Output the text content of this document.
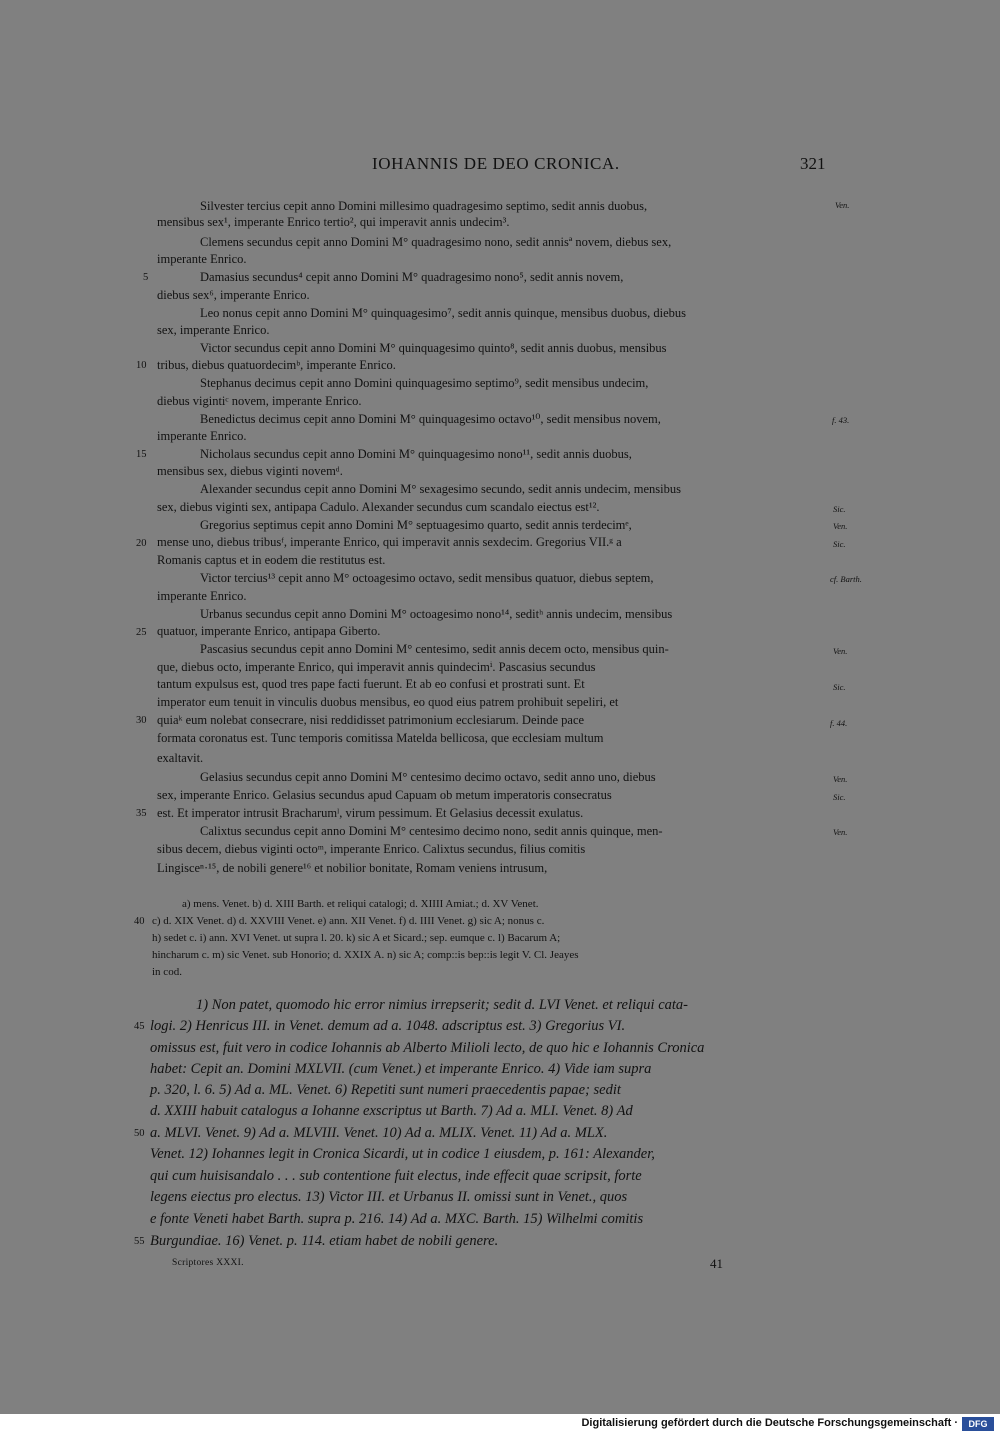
IOHANNIS DE DEO CRONICA.	321
Silvester tercius cepit anno Domini millesimo quadragesimo septimo, sedit annis duobus,
mensibus sex¹, imperante Enrico tertio², qui imperavit annis undecim³.
Clemens secundus cepit anno Domini M° quadragesimo nono, sedit annisª novem, diebus sex,
imperante Enrico.
Damasius secundus⁴ cepit anno Domini M° quadragesimo nono⁵, sedit annis novem,
diebus sex⁶, imperante Enrico.
Leo nonus cepit anno Domini M° quinquagesimo⁷, sedit annis quinque, mensibus duobus, diebus
sex, imperante Enrico.
Victor secundus cepit anno Domini M° quinquagesimo quinto⁸, sedit annis duobus, mensibus
tribus, diebus quatuordecimᵇ, imperante Enrico.
Stephanus decimus cepit anno Domini quinquagesimo septimo⁹, sedit mensibus undecim,
diebus vigintiᶜ novem, imperante Enrico.
Benedictus decimus cepit anno Domini M° quinquagesimo octavo¹⁰, sedit mensibus novem,
imperante Enrico.
Nicholaus secundus cepit anno Domini M° quinquagesimo nono¹¹, sedit annis duobus,
mensibus sex, diebus viginti novemᵈ.
Alexander secundus cepit anno Domini M° sexagesimo secundo, sedit annis undecim, mensibus
sex, diebus viginti sex, antipapa Cadulo. Alexander secundus cum scandalo eiectus est¹².
Gregorius septimus cepit anno Domini M° septuagesimo quarto, sedit annis terdecimᵉ,
mense uno, diebus tribusᶠ, imperante Enrico, qui imperavit annis sexdecim. Gregorius VII.ᵍ a
Romanis captus et in eodem die restitutus est.
Victor tercius¹³ cepit anno M° octoagesimo octavo, sedit mensibus quatuor, diebus septem,
imperante Enrico.
Urbanus secundus cepit anno Domini M° octoagesimo nono¹⁴, seditʰ annis undecim, mensibus
quatuor, imperante Enrico, antipapa Giberto.
Pascasius secundus cepit anno Domini M° centesimo, sedit annis decem octo, mensibus quin-
que, diebus octo, imperante Enrico, qui imperavit annis quindecimⁱ. Pascasius secundus
tantum expulsus est, quod tres pape facti fuerunt. Et ab eo confusi et prostrati sunt. Et
imperator eum tenuit in vinculis duobus mensibus, eo quod eius patrem prohibuit sepeliri, et
quiaᵏ eum nolebat consecrare, nisi reddidisset patrimonium ecclesiarum. Deinde pace
formata coronatus est. Tunc temporis comitissa Matelda bellicosa, que ecclesiam multum
exaltavit.
Gelasius secundus cepit anno Domini M° centesimo decimo octavo, sedit anno uno, diebus
sex, imperante Enrico. Gelasius secundus apud Capuam ob metum imperatoris consecratus
est. Et imperator intrusit Bracharumˡ, virum pessimum. Et Gelasius decessit exulatus.
Calixtus secundus cepit anno Domini M° centesimo decimo nono, sedit annis quinque, men-
sibus decem, diebus viginti octoᵐ, imperante Enrico. Calixtus secundus, filius comitis
Lingisceⁿ·¹⁵, de nobili genere¹⁶ et nobilior bonitate, Romam veniens intrusum,
5
10
15
20
25
30
35
Ven.
f. 43.
Sic.
Ven.
Sic.
cf. Barth.
Ven.
Sic.
f. 44.
Ven.
Sic.
Ven.
a) mens. Venet. b) d. XIII Barth. et reliqui catalogi; d. XIIII Amiat.; d. XV Venet.
c) d. XIX Venet. d) d. XXVIII Venet. e) ann. XII Venet. f) d. IIII Venet. g) sic A; nonus c.
h) sedet c. i) ann. XVI Venet. ut supra l. 20. k) sic A et Sicard.; sep. eumque c. l) Bacarum A;
hincharum c. m) sic Venet. sub Honorio; d. XXIX A. n) sic A; comp::is bep::is legit V. Cl. Jeayes
in cod.
40
1) Non patet, quomodo hic error nimius irrepserit; sedit d. LVI Venet. et reliqui cata-
logi. 2) Henricus III. in Venet. demum ad a. 1048. adscriptus est. 3) Gregorius VI.
omissus est, fuit vero in codice Iohannis ab Alberto Milioli lecto, de quo hic e Iohannis Cronica
habet: Cepit an. Domini MXLVII. (cum Venet.) et imperante Enrico. 4) Vide iam supra
p. 320, l. 6. 5) Ad a. ML. Venet. 6) Repetiti sunt numeri praecedentis papae; sedit
d. XXIII habuit catalogus a Iohanne exscriptus ut Barth. 7) Ad a. MLI. Venet. 8) Ad
a. MLVI. Venet. 9) Ad a. MLVIII. Venet. 10) Ad a. MLIX. Venet. 11) Ad a. MLX.
Venet. 12) Iohannes legit in Cronica Sicardi, ut in codice 1 eiusdem, p. 161: Alexander,
qui cum huisisandalo . . . sub contentione fuit electus, inde effecit quae scripsit, forte
legens eiectus pro electus. 13) Victor III. et Urbanus II. omissi sunt in Venet., quos
e fonte Veneti habet Barth. supra p. 216. 14) Ad a. MXC. Barth. 15) Wilhelmi comitis
Burgundiae. 16) Venet. p. 114. etiam habet de nobili genere.
45
50
55
Scriptores XXXI.	41
Digitalisierung gefördert durch die Deutsche Forschungsgemeinschaft ·	DFG
